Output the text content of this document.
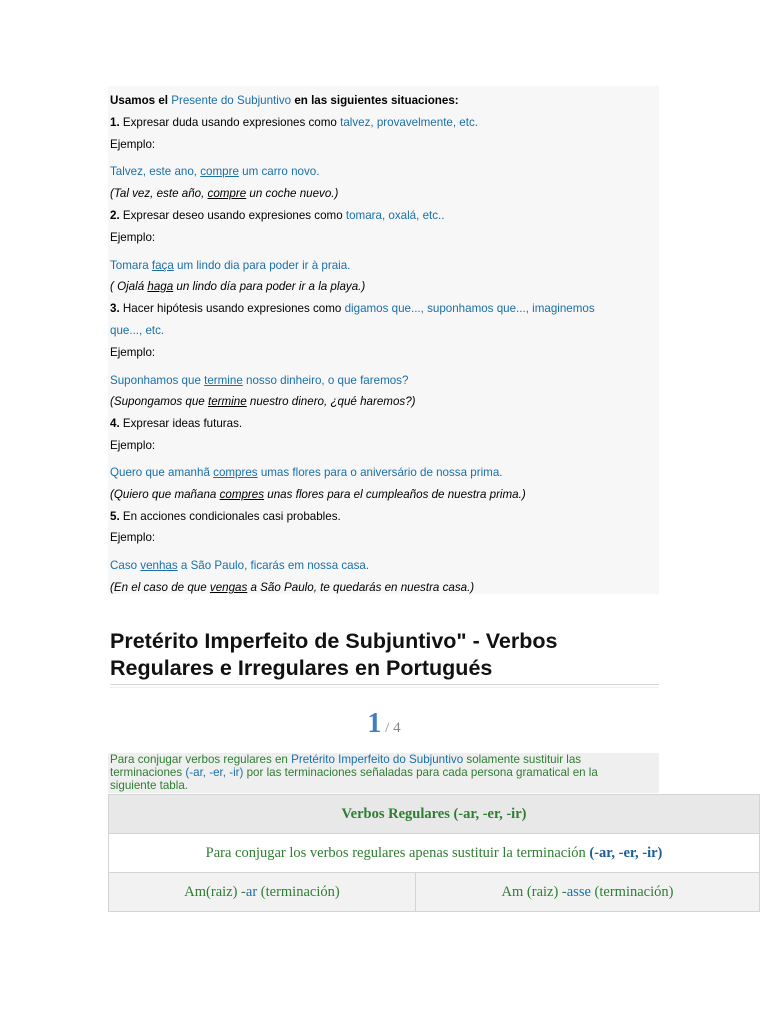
Usamos el Presente do Subjuntivo en las siguientes situaciones:
1. Expresar duda usando expresiones como talvez, provavelmente, etc.
Ejemplo:
Talvez, este ano, compre um carro novo.
(Tal vez, este año, compre un coche nuevo.)
2. Expresar deseo usando expresiones como tomara, oxalá, etc..
Ejemplo:
Tomara faça um lindo dia para poder ir à praia.
( Ojalá haga un lindo día para poder ir a la playa.)
3. Hacer hipótesis usando expresiones como digamos que..., suponhamos que..., imaginemos
que..., etc.
Ejemplo:
Suponhamos que termine nosso dinheiro, o que faremos?
(Supongamos que termine nuestro dinero, ¿qué haremos?)
4. Expresar ideas futuras.
Ejemplo:
Quero que amanhã compres umas flores para o aniversário de nossa prima.
(Quiero que mañana compres unas flores para el cumpleaños de nuestra prima.)
5. En acciones condicionales casi probables.
Ejemplo:
Caso venhas a São Paulo, ficarás em nossa casa.
(En el caso de que vengas a São Paulo, te quedarás en nuestra casa.)
Pretérito Imperfeito de Subjuntivo" - Verbos
Regulares e Irregulares en Portugués
1 / 4

Para conjugar verbos regulares en Pretérito Imperfeito do Subjuntivo solamente sustituir las

terminaciones (-ar, -er, -ir) por las terminaciones señaladas para cada persona gramatical en la

siguiente tabla.

Verbos Regulares (-ar, -er, -ir)
Para conjugar los verbos regulares apenas sustituir la terminación (-ar, -er, -ir)
Am(raiz) -ar (terminación)	Am (raiz) -asse (terminación)
